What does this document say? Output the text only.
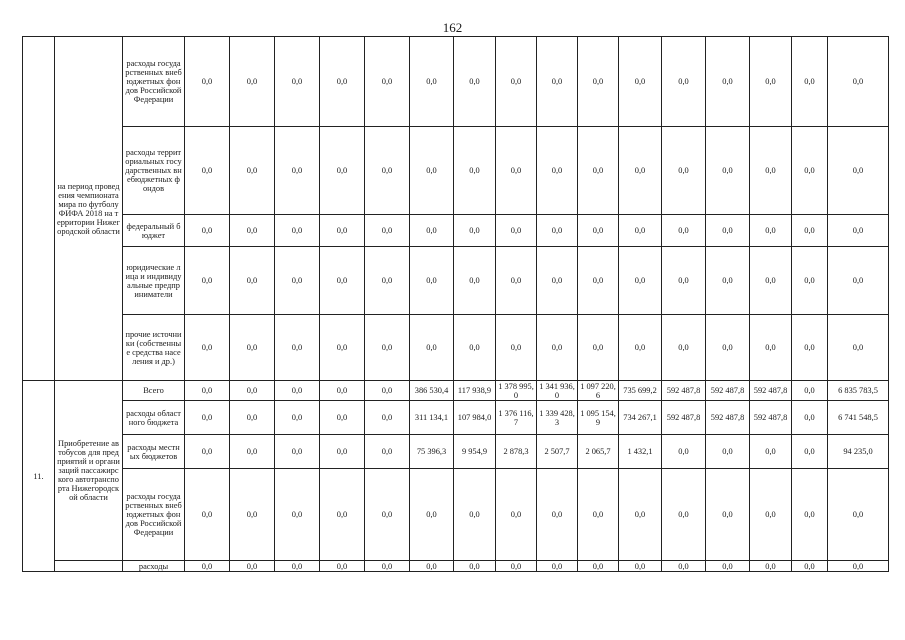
162
	на период проведения чемпионата мира по футболу ФИФА 2018 на территории Нижегородской области	расходы государственных внебюджетных фондов Российской Федерации	0,0	0,0	0,0	0,0	0,0	0,0	0,0	0,0	0,0	0,0	0,0	0,0	0,0	0,0	0,0	0,0
		расходы территориальных государственных внебюджетных фондов	0,0	0,0	0,0	0,0	0,0	0,0	0,0	0,0	0,0	0,0	0,0	0,0	0,0	0,0	0,0	0,0
		федеральный бюджет	0,0	0,0	0,0	0,0	0,0	0,0	0,0	0,0	0,0	0,0	0,0	0,0	0,0	0,0	0,0	0,0
		юридические лица и индивидуальные предприниматели	0,0	0,0	0,0	0,0	0,0	0,0	0,0	0,0	0,0	0,0	0,0	0,0	0,0	0,0	0,0	0,0
		прочие источники (собственные средства населения и др.)	0,0	0,0	0,0	0,0	0,0	0,0	0,0	0,0	0,0	0,0	0,0	0,0	0,0	0,0	0,0	0,0
11.	Приобретение автобусов для предприятий и организаций пассажирского автотранспорта Нижегородской области	Всего	0,0	0,0	0,0	0,0	0,0	386 530,4	117 938,9	1 378 995,0	1 341 936,0	1 097 220,6	735 699,2	592 487,8	592 487,8	592 487,8	0,0	6 835 783,5
		расходы областного бюджета	0,0	0,0	0,0	0,0	0,0	311 134,1	107 984,0	1 376 116,7	1 339 428,3	1 095 154,9	734 267,1	592 487,8	592 487,8	592 487,8	0,0	6 741 548,5
		расходы местных бюджетов	0,0	0,0	0,0	0,0	0,0	75 396,3	9 954,9	2 878,3	2 507,7	2 065,7	1 432,1	0,0	0,0	0,0	0,0	94 235,0
		расходы государственных внебюджетных фондов Российской Федерации	0,0	0,0	0,0	0,0	0,0	0,0	0,0	0,0	0,0	0,0	0,0	0,0	0,0	0,0	0,0	0,0
		расходы	0,0	0,0	0,0	0,0	0,0	0,0	0,0	0,0	0,0	0,0	0,0	0,0	0,0	0,0	0,0	0,0
